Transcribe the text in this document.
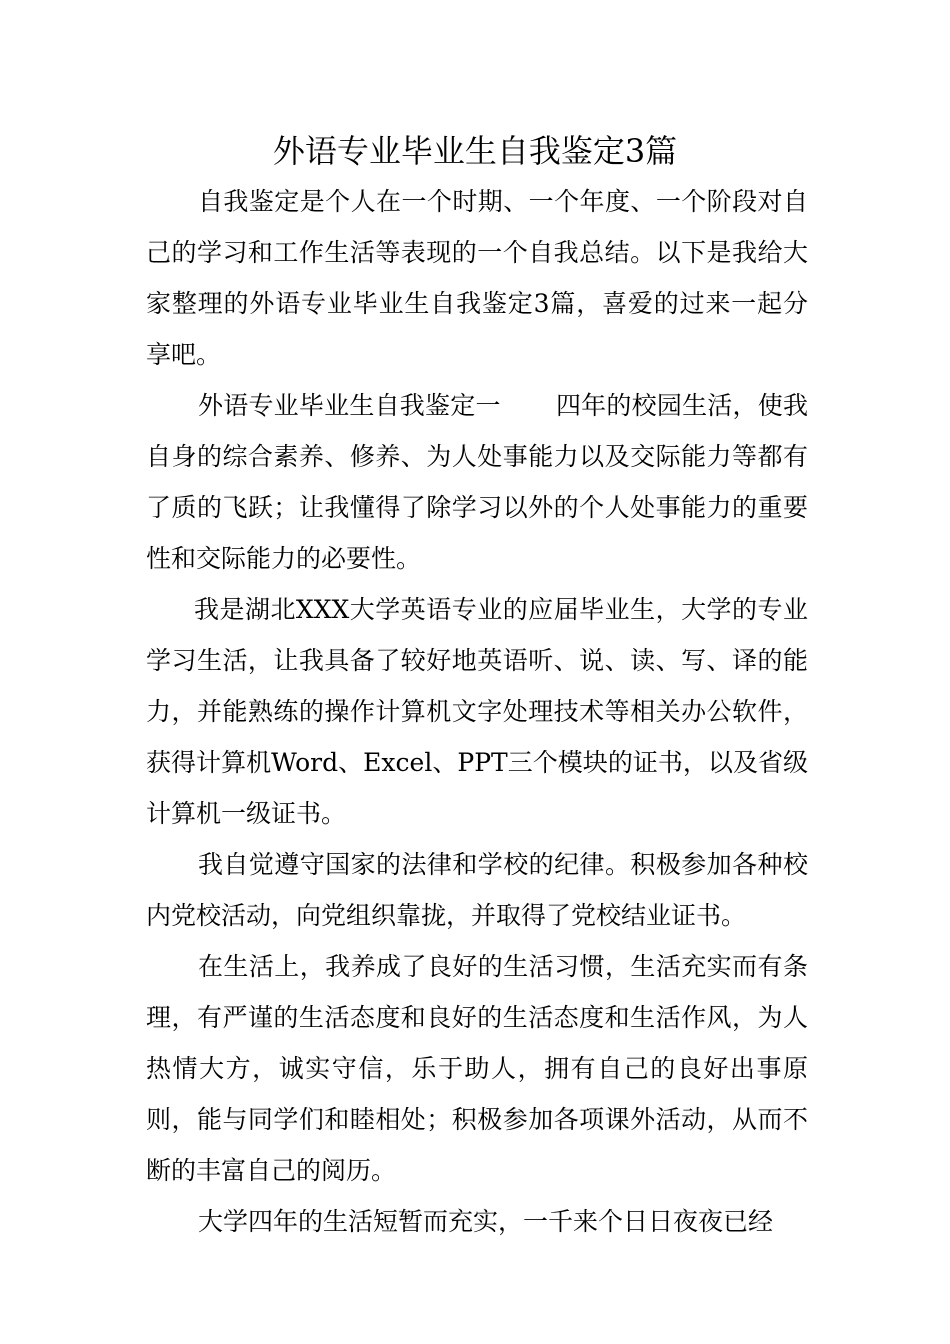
外语专业毕业生自我鉴定3篇

自我鉴定是个人在一个时期、一个年度、一个阶段对自己的学习和工作生活等表现的一个自我总结。以下是我给大家整理的外语专业毕业生自我鉴定3篇，喜爱的过来一起分享吧。

外语专业毕业生自我鉴定一 四年的校园生活，使我自身的综合素养、修养、为人处事能力以及交际能力等都有了质的飞跃；让我懂得了除学习以外的个人处事能力的重要性和交际能力的必要性。

我是湖北XXX大学英语专业的应届毕业生，大学的专业学习生活，让我具备了较好地英语听、说、读、写、译的能力，并能熟练的操作计算机文字处理技术等相关办公软件，获得计算机Word、Excel、PPT三个模块的证书，以及省级计算机一级证书。

我自觉遵守国家的法律和学校的纪律。积极参加各种校内党校活动，向党组织靠拢，并取得了党校结业证书。

在生活上，我养成了良好的生活习惯，生活充实而有条理，有严谨的生活态度和良好的生活态度和生活作风，为人热情大方，诚实守信，乐于助人，拥有自己的良好出事原则，能与同学们和睦相处；积极参加各项课外活动，从而不断的丰富自己的阅历。

大学四年的生活短暂而充实，一千来个日日夜夜已经
